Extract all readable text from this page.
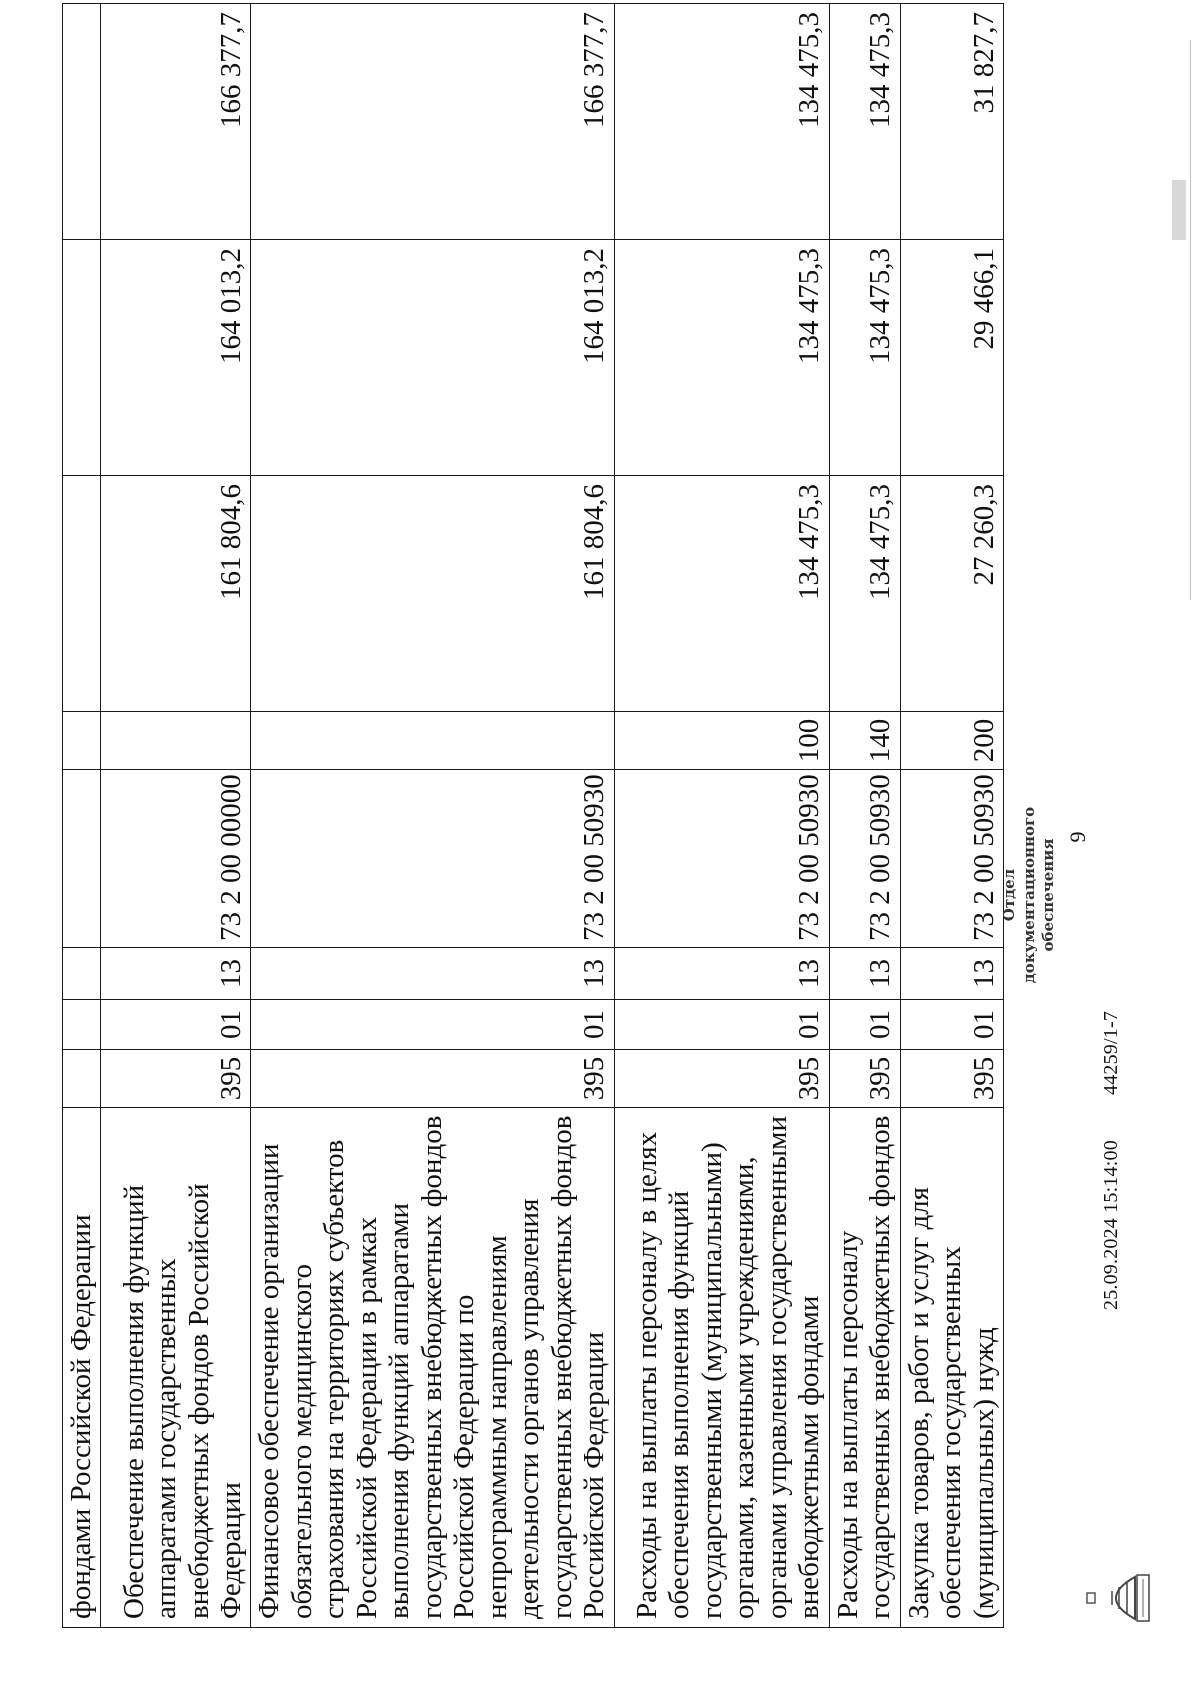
9
фондами Российской Федерации								
Обеспечение выполнения функций аппаратами государственных внебюджетных фондов Российской Федерации	395	01	13	73 2 00 00000		161 804,6	164 013,2	166 377,7
Финансовое обеспечение организации обязательного медицинского страхования на территориях субъектов Российской Федерации в рамках выполнения функций аппаратами государственных внебюджетных фондов Российской Федерации по непрограммным направлениям деятельности органов управления государственных внебюджетных фондов Российской Федерации	395	01	13	73 2 00 50930		161 804,6	164 013,2	166 377,7
Расходы на выплаты персоналу в целях обеспечения выполнения функций государственными (муниципальными) органами, казенными учреждениями, органами управления государственными внебюджетными фондами	395	01	13	73 2 00 50930	100	134 475,3	134 475,3	134 475,3
Расходы на выплаты персоналу государственных внебюджетных фондов	395	01	13	73 2 00 50930	140	134 475,3	134 475,3	134 475,3
Закупка товаров, работ и услуг для обеспечения государственных (муниципальных) нужд	395	01	13	73 2 00 50930	200	27 260,3	29 466,1	31 827,7
Отдел документационного обеспечения
25.09.2024 15:14:00
44259/1-7
